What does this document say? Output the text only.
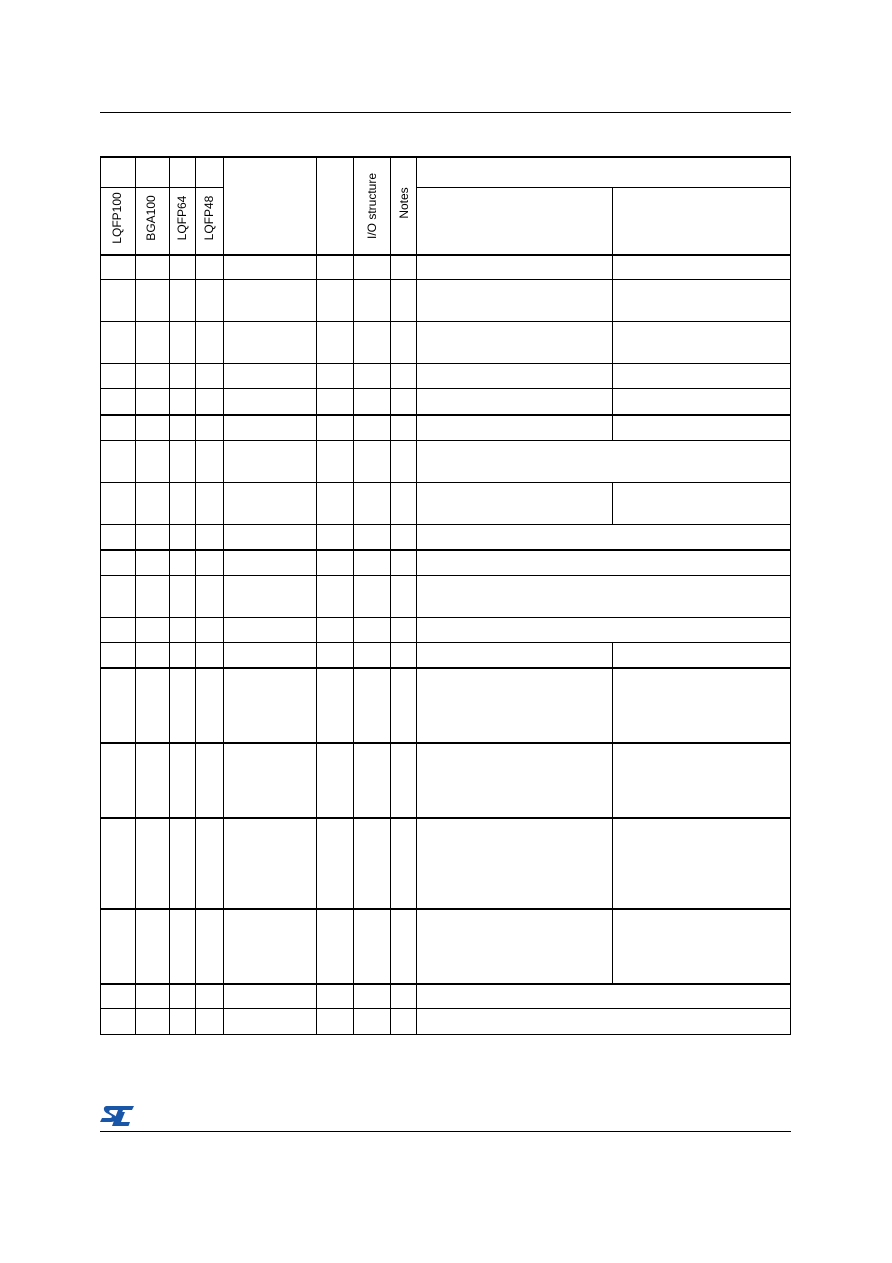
LQFP100 BGA100 LQFP64 LQFP48	I/O structure Notes
